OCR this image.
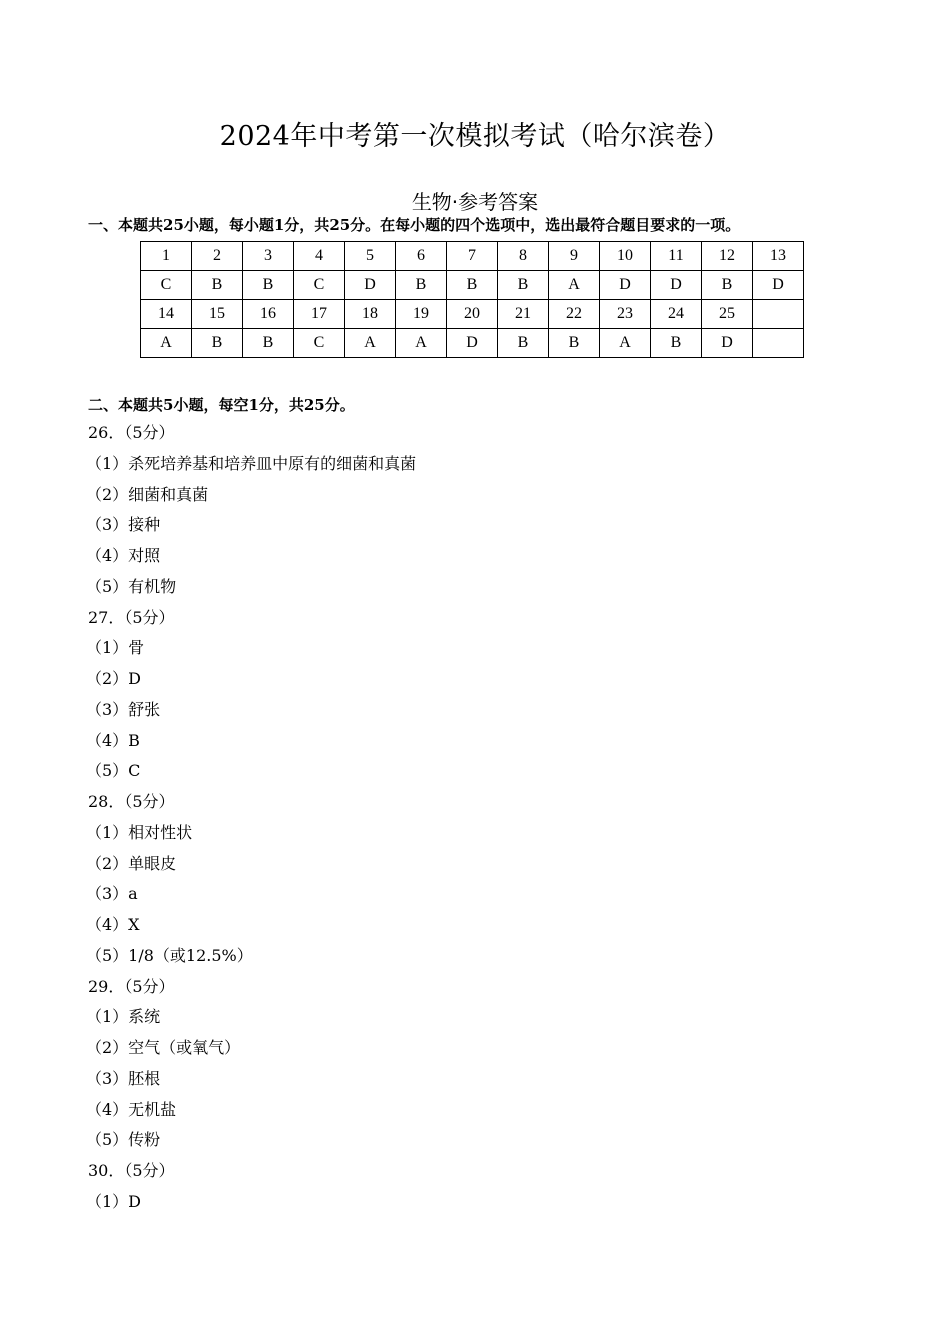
2024年中考第一次模拟考试（哈尔滨卷）
生物·参考答案
一、本题共25小题，每小题1分，共25分。在每小题的四个选项中，选出最符合题目要求的一项。
1	2	3	4	5	6	7	8	9	10	11	12	13
C	B	B	C	D	B	B	B	A	D	D	B	D
14	15	16	17	18	19	20	21	22	23	24	25	
A	B	B	C	A	A	D	B	B	A	B	D	
二、本题共5小题，每空1分，共25分。
26．（5分）
（1）杀死培养基和培养皿中原有的细菌和真菌
（2）细菌和真菌
（3）接种
（4）对照
（5）有机物
27．（5分）
（1）骨
（2）D
（3）舒张
（4）B
（5）C
28．（5分）
（1）相对性状
（2）单眼皮
（3）a
（4）X
（5）1/8（或12.5%）
29．（5分）
（1）系统
（2）空气（或氧气）
（3）胚根
（4）无机盐
（5）传粉
30．（5分）
（1）D
